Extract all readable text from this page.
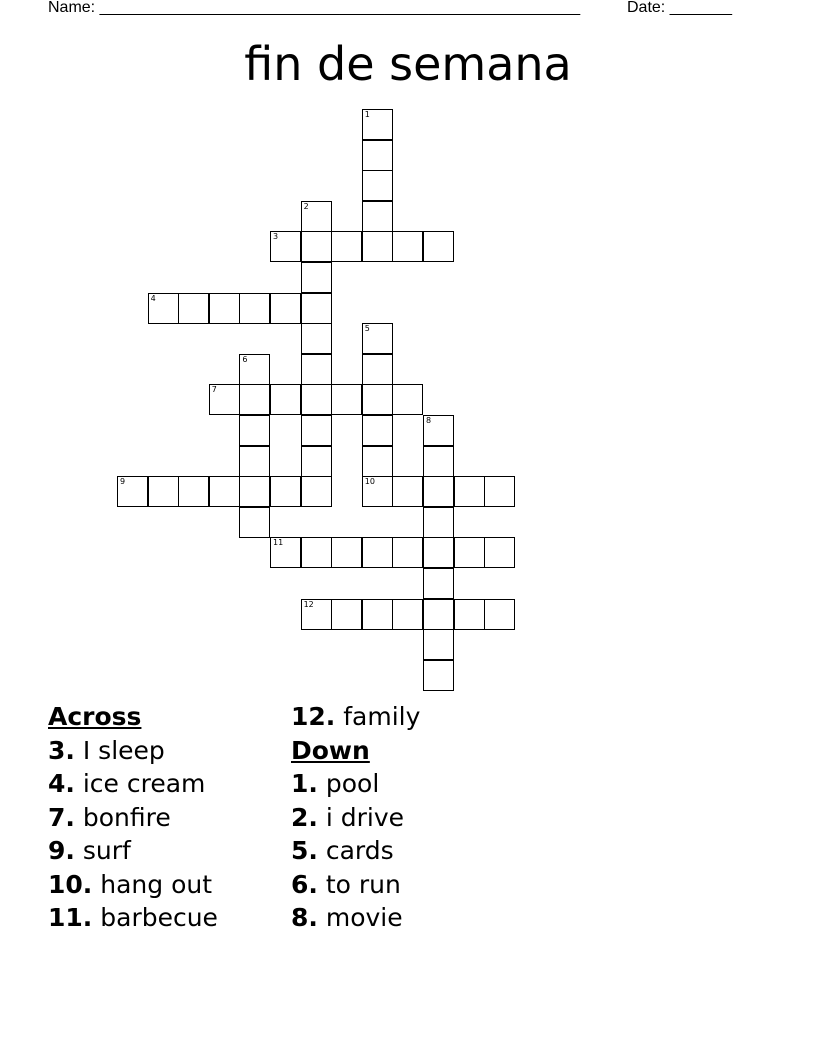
Name: ______________________________________________________	Date: _______
fin de semana
1
2
3
4
5
6
7
8
9	10
11
12
Across
3. I sleep
4. ice cream
7. bonfire
9. surf
10. hang out
11. barbecue
12. family
Down
1. pool
2. i drive
5. cards
6. to run
8. movie
